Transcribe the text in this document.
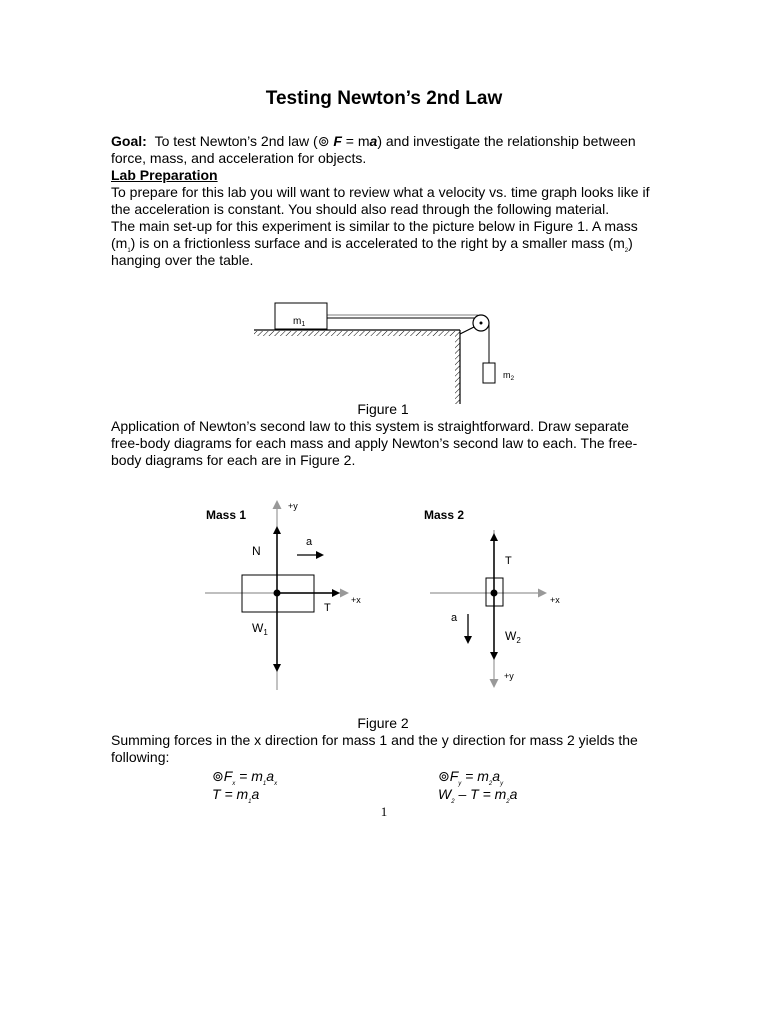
Testing Newton’s 2nd Law
Goal: To test Newton’s 2nd law (⊚ F = ma) and investigate the relationship between force, mass, and acceleration for objects.
Lab Preparation
To prepare for this lab you will want to review what a velocity vs. time graph looks like if the acceleration is constant. You should also read through the following material.
The main set-up for this experiment is similar to the picture below in Figure 1. A mass $(m_1)$ is on a frictionless surface and is accelerated to the right by a smaller mass $(m_2)$ hanging over the table.
$m_1$
$m_2$
Figure 1
Application of Newton’s second law to this system is straightforward. Draw separate free-body diagrams for each mass and apply Newton’s second law to each. The free-body diagrams for each are in Figure 2.
Mass 1
+y
+x
N
a
T
$W_1$
Mass 2
T
+x
a
$W_2$
+y
Figure 2
Summing forces in the x direction for mass 1 and the y direction for mass 2 yields the following:
$⊚F_x = m_1a_x$
$T = m_1a$
$⊚F_y = m_2a_y$
$W_2 - T = m_2a$
1
